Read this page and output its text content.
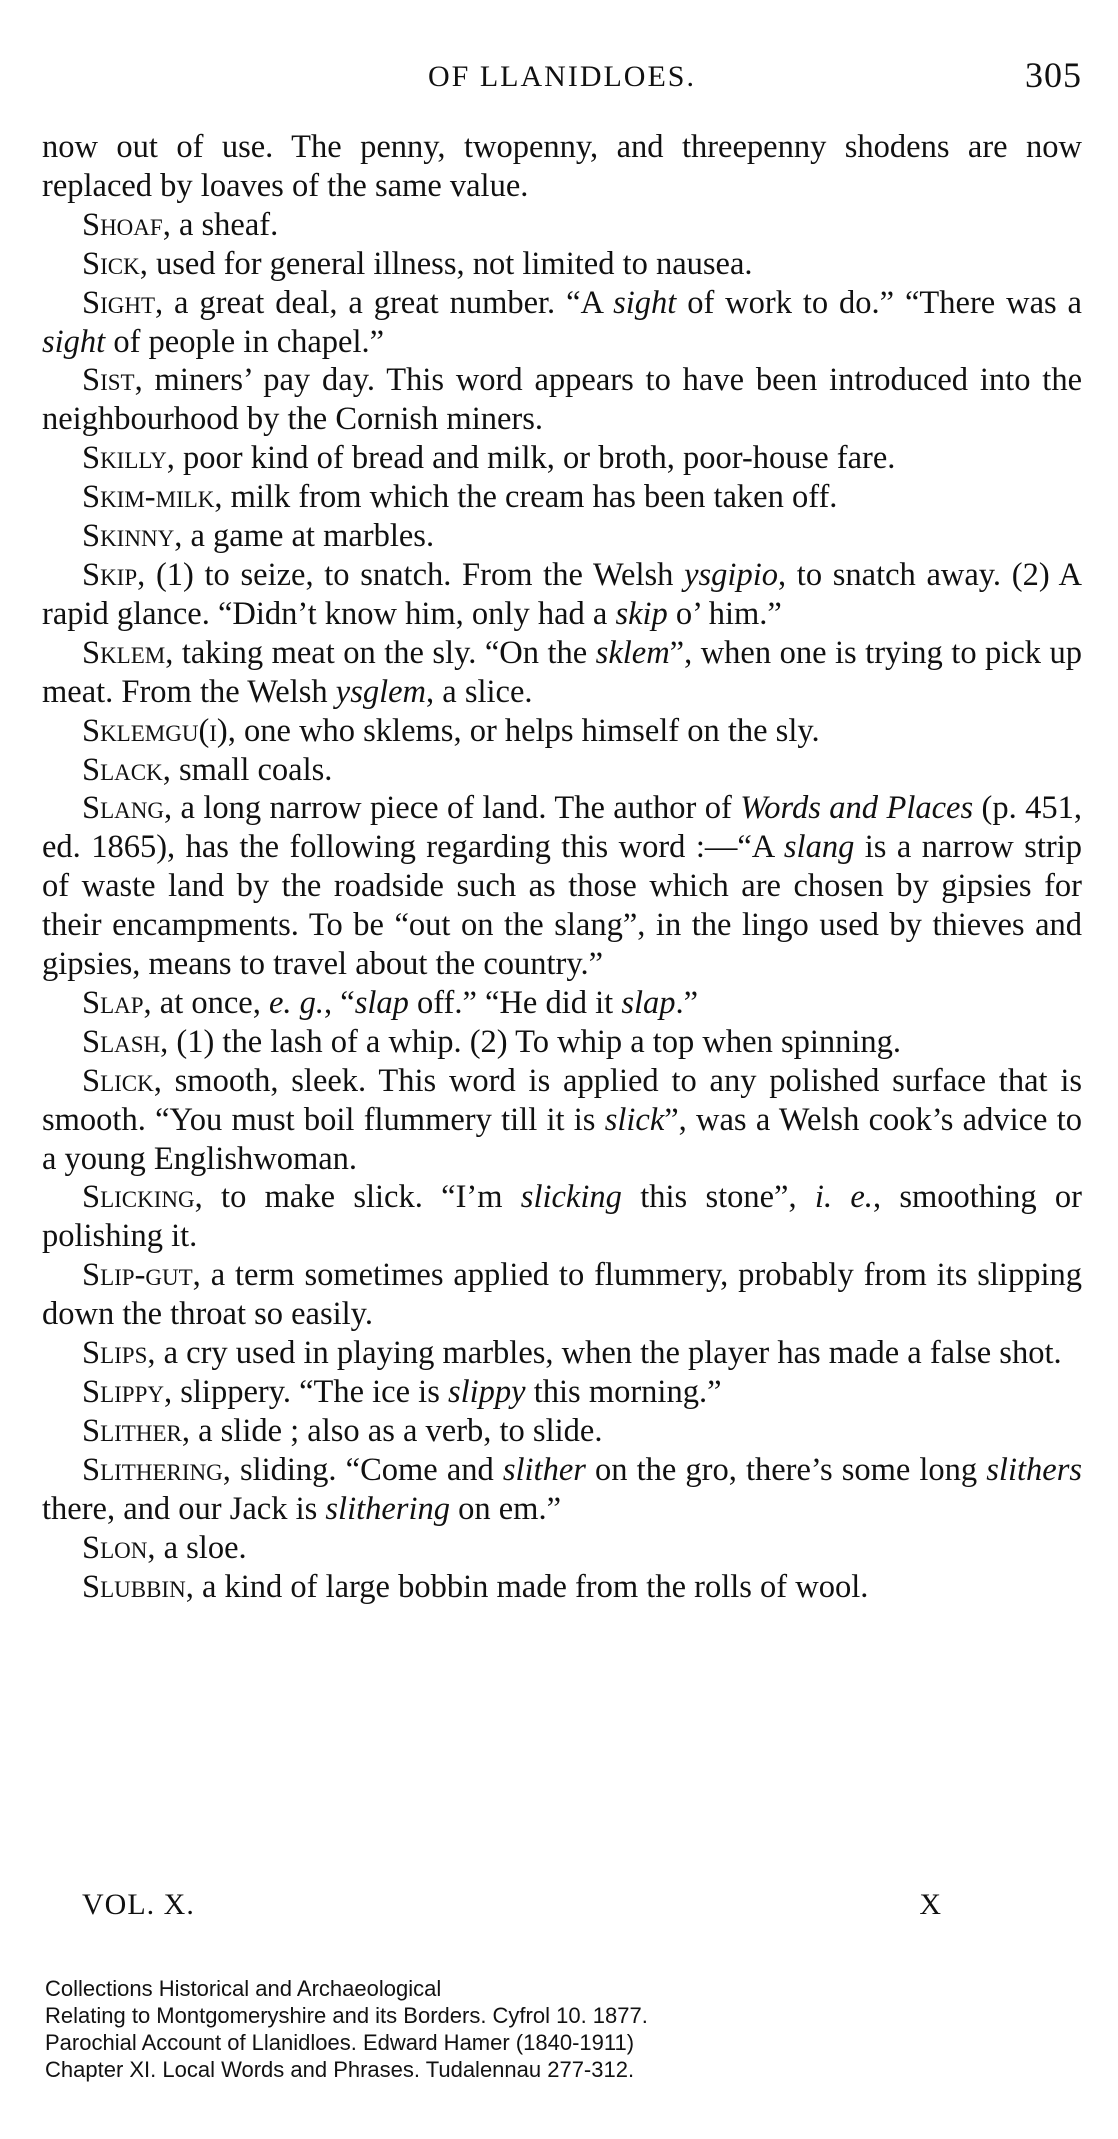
OF LLANIDLOES.	305

now out of use. The penny, twopenny, and threepenny shodens are now replaced by loaves of the same value.

Shoaf, a sheaf.

Sick, used for general illness, not limited to nausea.

Sight, a great deal, a great number. “A sight of work to do.” “There was a sight of people in chapel.”

Sist, miners’ pay day. This word appears to have been introduced into the neighbourhood by the Cornish miners.

Skilly, poor kind of bread and milk, or broth, poor-house fare.

Skim-milk, milk from which the cream has been taken off.

Skinny, a game at marbles.

Skip, (1) to seize, to snatch. From the Welsh ysgipio, to snatch away. (2) A rapid glance. “Didn’t know him, only had a skip o’ him.”

Sklem, taking meat on the sly. “On the sklem”, when one is trying to pick up meat. From the Welsh ysglem, a slice.

Sklemgu(i), one who sklems, or helps himself on the sly.

Slack, small coals.

Slang, a long narrow piece of land. The author of Words and Places (p. 451, ed. 1865), has the following regarding this word :—“A slang is a narrow strip of waste land by the roadside such as those which are chosen by gipsies for their encampments. To be “out on the slang”, in the lingo used by thieves and gipsies, means to travel about the country.”

Slap, at once, e. g., “slap off.” “He did it slap.”

Slash, (1) the lash of a whip. (2) To whip a top when spinning.

Slick, smooth, sleek. This word is applied to any polished surface that is smooth. “You must boil flummery till it is slick”, was a Welsh cook’s advice to a young Englishwoman.

Slicking, to make slick. “I’m slicking this stone”, i. e., smoothing or polishing it.

Slip-gut, a term sometimes applied to flummery, probably from its slipping down the throat so easily.

Slips, a cry used in playing marbles, when the player has made a false shot.

Slippy, slippery. “The ice is slippy this morning.”

Slither, a slide ; also as a verb, to slide.

Slithering, sliding. “Come and slither on the gro, there’s some long slithers there, and our Jack is slithering on em.”

Slon, a sloe.

Slubbin, a kind of large bobbin made from the rolls of wool.

VOL. X.	X
Collections Historical and Archaeological
Relating to Montgomeryshire and its Borders. Cyfrol 10. 1877.
Parochial Account of Llanidloes. Edward Hamer (1840-1911)
Chapter XI. Local Words and Phrases. Tudalennau 277-312.
